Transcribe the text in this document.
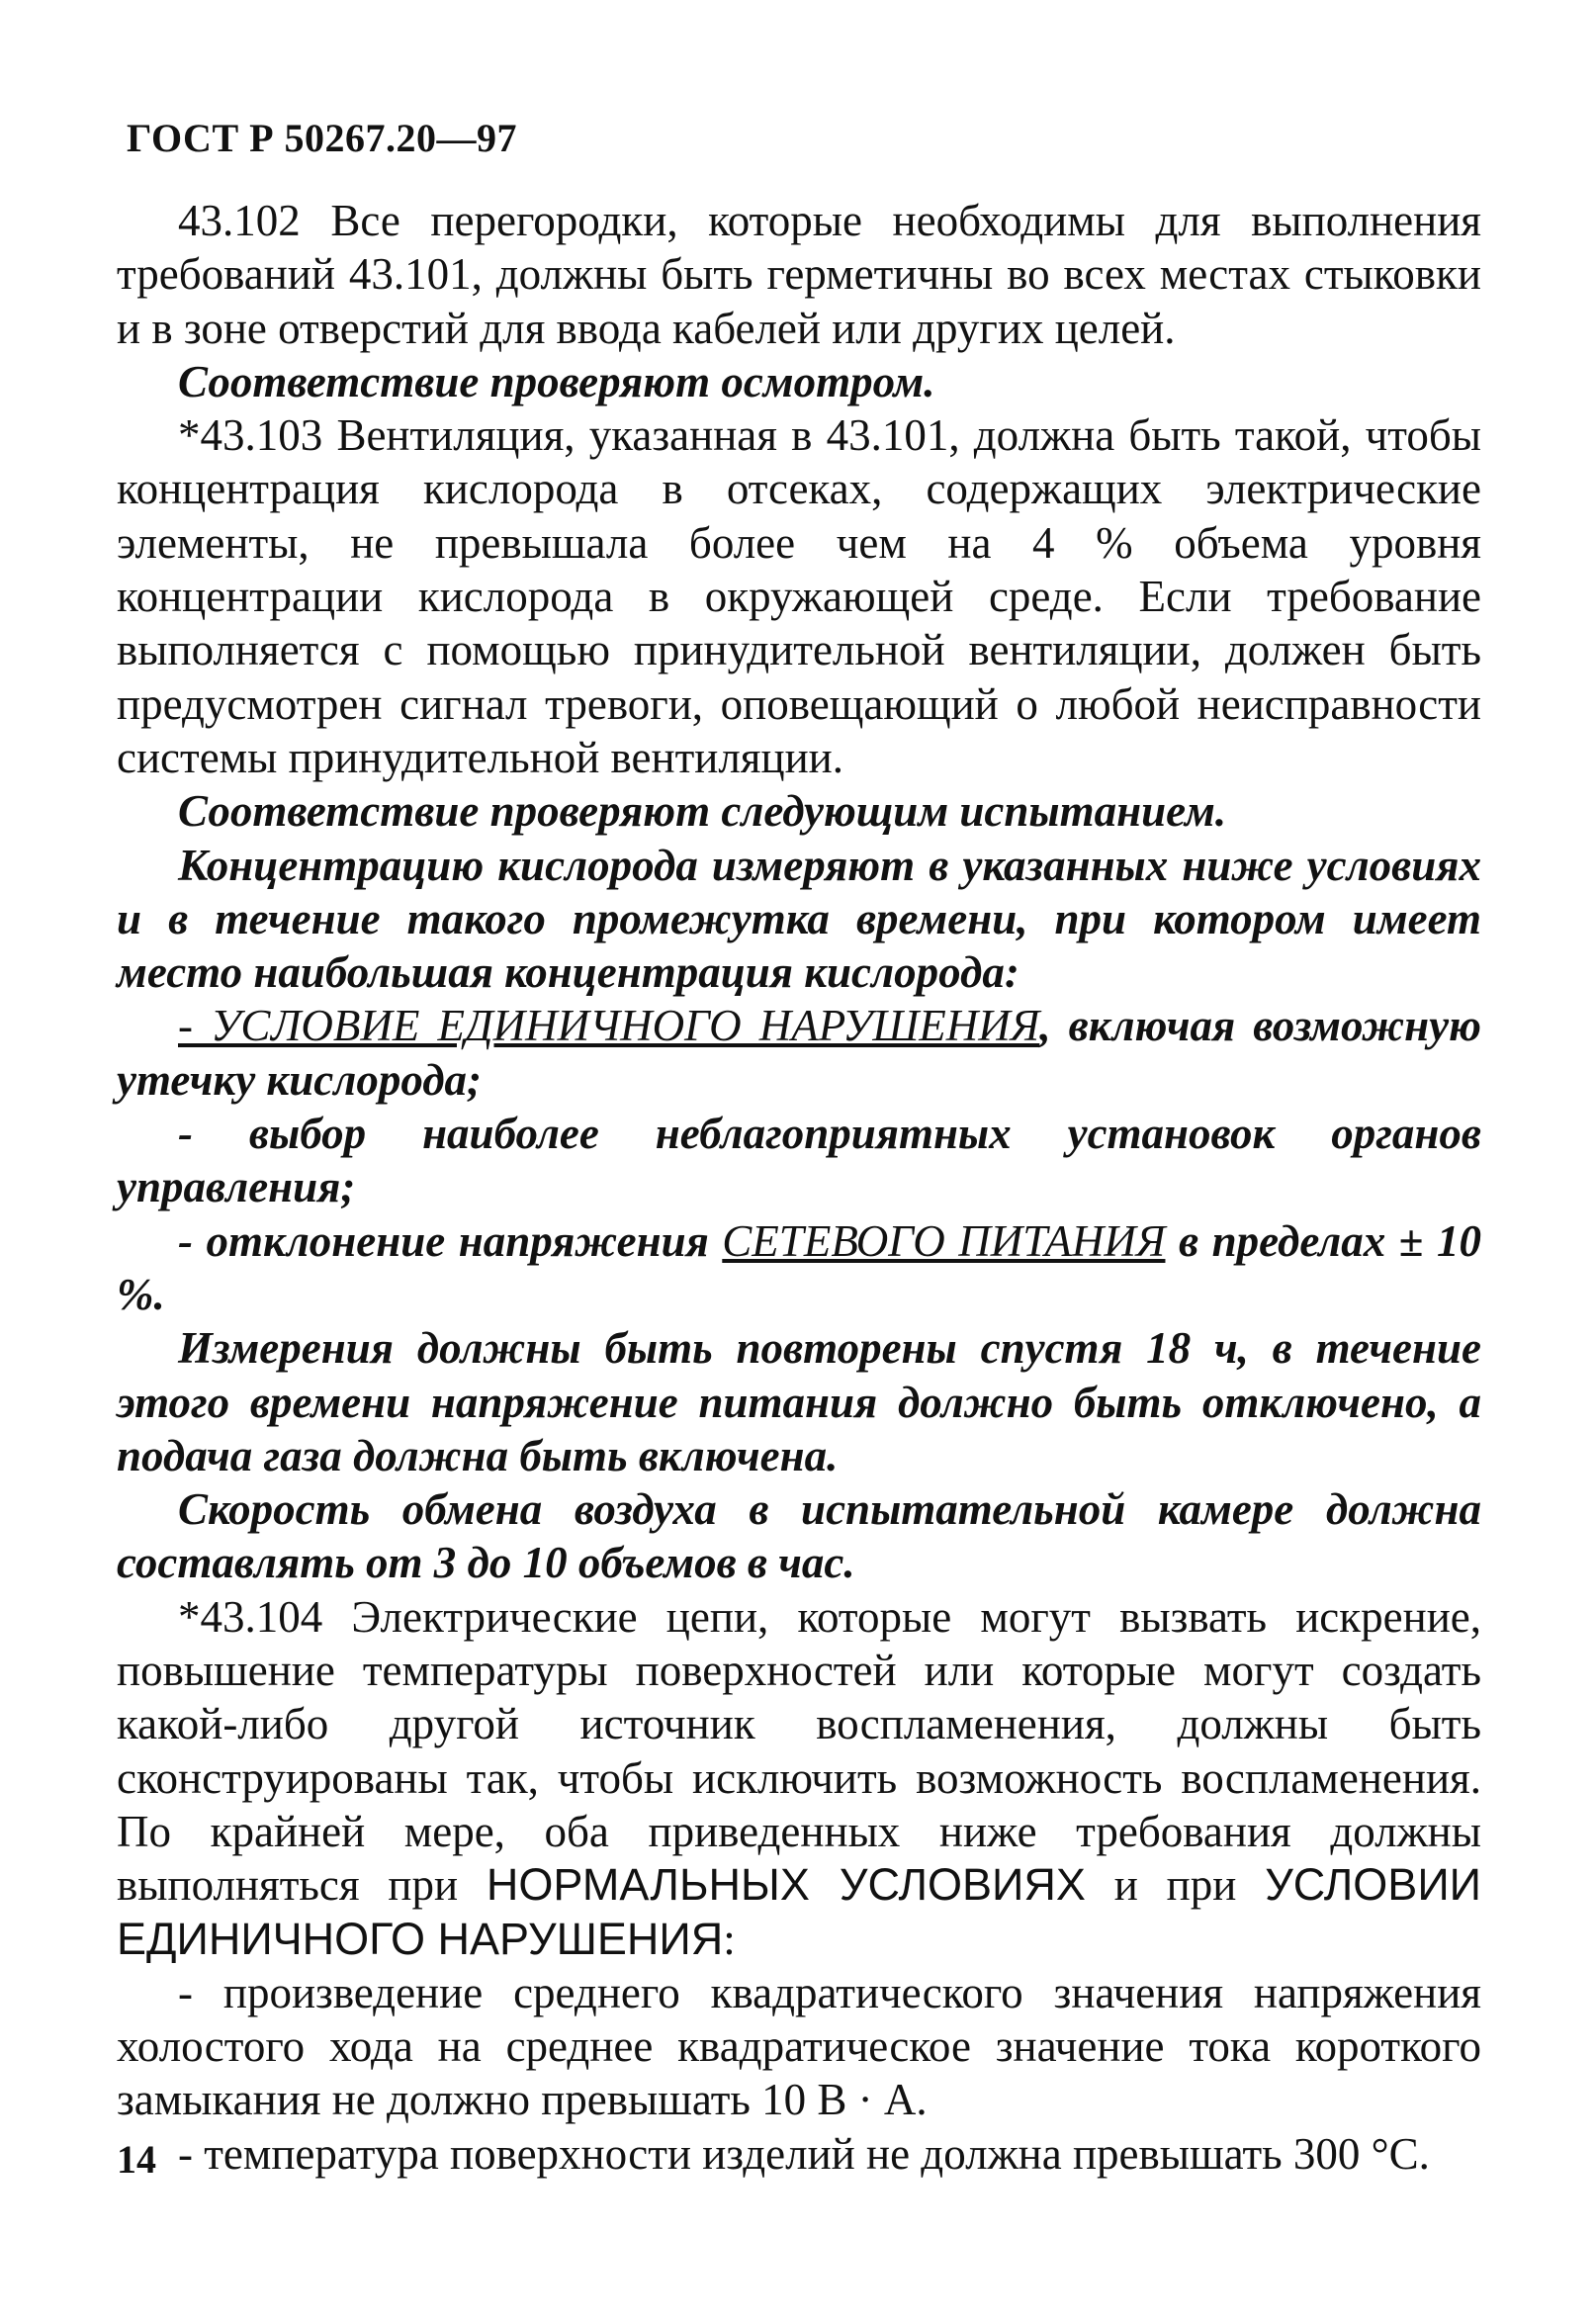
ГОСТ Р 50267.20—97

43.102 Все перегородки, которые необходимы для выполнения требований 43.101, должны быть герметичны во всех местах стыковки и в зоне отверстий для ввода кабелей или других целей.

Соответствие проверяют осмотром.

*43.103 Вентиляция, указанная в 43.101, должна быть такой, чтобы концентрация кислорода в отсеках, содержащих электрические элементы, не превышала более чем на 4 % объема уровня концентрации кислорода в окружающей среде. Если требование выполняется с помощью принудительной вентиляции, должен быть предусмотрен сигнал тревоги, оповещающий о любой неисправности системы принудительной вентиляции.

Соответствие проверяют следующим испытанием.

Концентрацию кислорода измеряют в указанных ниже условиях и в течение такого промежутка времени, при котором имеет место наибольшая концентрация кислорода:

- УСЛОВИЕ ЕДИНИЧНОГО НАРУШЕНИЯ, включая возможную утечку кислорода;

- выбор наиболее неблагоприятных установок органов управления;

- отклонение напряжения СЕТЕВОГО ПИТАНИЯ в пределах ± 10 %.

Измерения должны быть повторены спустя 18 ч, в течение этого времени напряжение питания должно быть отключено, а подача газа должна быть включена.

Скорость обмена воздуха в испытательной камере должна составлять от 3 до 10 объемов в час.

*43.104 Электрические цепи, которые могут вызвать искрение, повышение температуры поверхностей или которые могут создать какой-либо другой источник воспламенения, должны быть сконструированы так, чтобы исключить возможность воспламенения. По крайней мере, оба приведенных ниже требования должны выполняться при НОРМАЛЬНЫХ УСЛОВИЯХ и при УСЛОВИИ ЕДИНИЧНОГО НАРУШЕНИЯ:

- произведение среднего квадратического значения напряжения холостого хода на среднее квадратическое значение тока короткого замыкания не должно превышать 10 В · А.

- температура поверхности изделий не должна превышать 300 °С.

14
